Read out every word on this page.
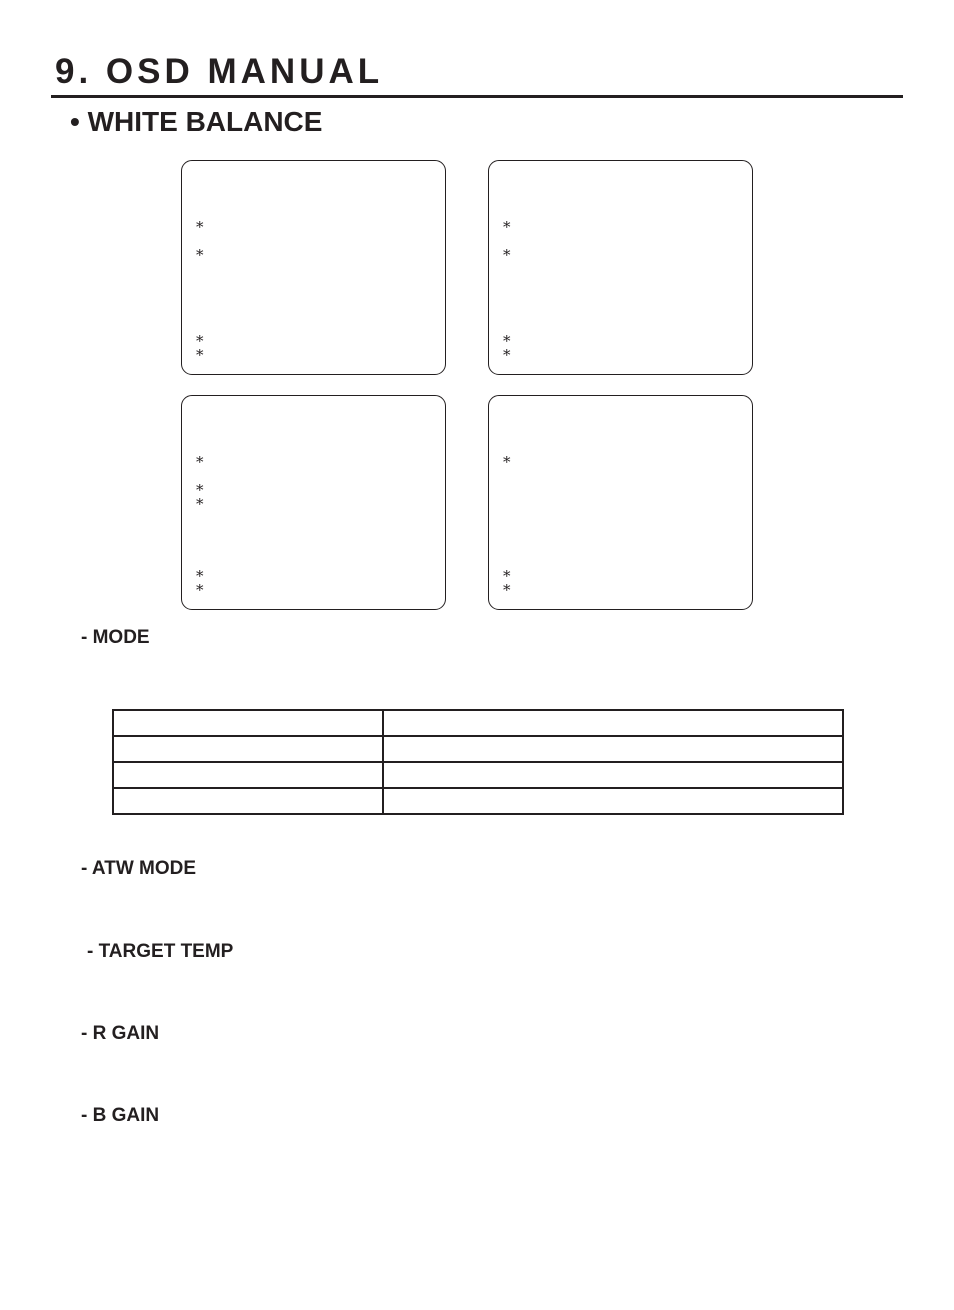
9. OSD MANUAL
• WHITE BALANCE
*
*
*
*
*
*
*
*
*
*
*
*
*
*
*
*

- MODE

- ATW MODE

- TARGET TEMP

- R GAIN

- B GAIN
